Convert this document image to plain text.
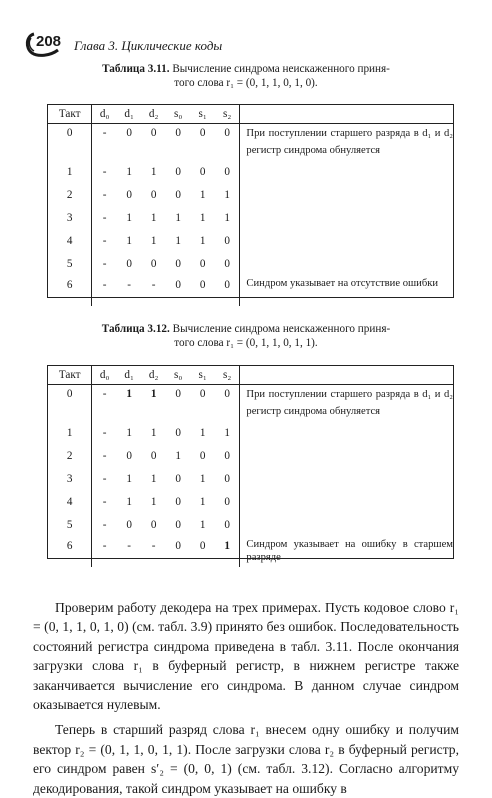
208 Глава 3. Циклические коды
Таблица 3.11. Вычисление синдрома неискаженного приня-
того слова r₁ = (0, 1, 1, 0, 1, 0).
Такт	d₀	d₁	d₂	s₀	s₁	s₂	
0	-	0	0	0	0	0	При поступлении старшего разряда в d₁ и d₂ регистр синдрома обнуляется
1	-	1	1	0	0	0	
2	-	0	0	0	1	1	
3	-	1	1	1	1	1	
4	-	1	1	1	1	0	
5	-	0	0	0	0	0	
6	-	-	-	0	0	0	Синдром указывает на отсутствие ошибки
Таблица 3.12. Вычисление синдрома неискаженного приня-
того слова r₁ = (0, 1, 1, 0, 1, 1).
Такт	d₀	d₁	d₂	s₀	s₁	s₂	
0	-	1	1	0	0	0	При поступлении старшего разряда в d₁ и d₂ регистр синдрома обнуляется
1	-	1	1	0	1	1	
2	-	0	0	1	0	0	
3	-	1	1	0	1	0	
4	-	1	1	0	1	0	
5	-	0	0	0	1	0	
6	-	-	-	0	0	1	Синдром указывает на ошибку в старшем разряде

Проверим работу декодера на трех примерах. Пусть кодовое слово r₁ = (0, 1, 1, 0, 1, 0) (см. табл. 3.9) принято без ошибок. Последовательность состояний регистра синдрома приведена в табл. 3.11. После окончания загрузки слова r₁ в буферный регистр, в нижнем регистре также заканчивается вычисление его синдрома. В данном случае синдром оказывается нулевым.

Теперь в старший разряд слова r₁ внесем одну ошибку и получим вектор r₂ = (0, 1, 1, 0, 1, 1). После загрузки слова r₂ в буферный регистр, его синдром равен s′₂ = (0, 0, 1) (см. табл. 3.12). Согласно алгоритму декодирования, такой синдром указывает на ошибку в
